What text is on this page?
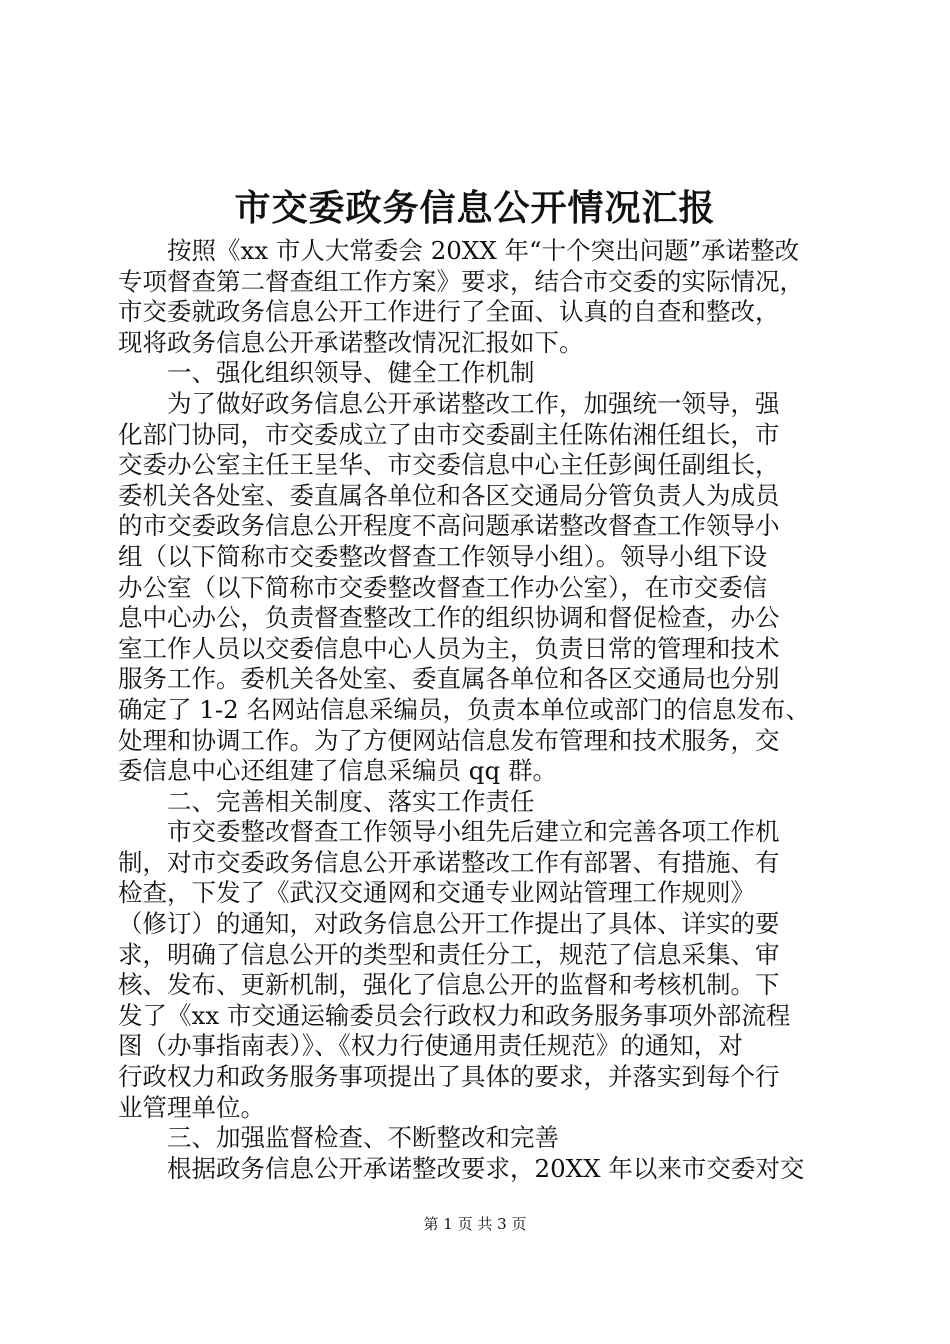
市交委政务信息公开情况汇报
　　按照《xx 市人大常委会 20XX 年“十个突出问题”承诺整改
专项督查第二督查组工作方案》要求，结合市交委的实际情况，
市交委就政务信息公开工作进行了全面、认真的自查和整改，
现将政务信息公开承诺整改情况汇报如下。
　　一、强化组织领导、健全工作机制
　　为了做好政务信息公开承诺整改工作，加强统一领导，强
化部门协同，市交委成立了由市交委副主任陈佑湘任组长，市
交委办公室主任王呈华、市交委信息中心主任彭闽任副组长，
委机关各处室、委直属各单位和各区交通局分管负责人为成员
的市交委政务信息公开程度不高问题承诺整改督查工作领导小
组（以下简称市交委整改督查工作领导小组）。领导小组下设
办公室（以下简称市交委整改督查工作办公室），在市交委信
息中心办公，负责督查整改工作的组织协调和督促检查，办公
室工作人员以交委信息中心人员为主，负责日常的管理和技术
服务工作。委机关各处室、委直属各单位和各区交通局也分别
确定了 1-2 名网站信息采编员，负责本单位或部门的信息发布、
处理和协调工作。为了方便网站信息发布管理和技术服务，交
委信息中心还组建了信息采编员 qq 群。
　　二、完善相关制度、落实工作责任
　　市交委整改督查工作领导小组先后建立和完善各项工作机
制，对市交委政务信息公开承诺整改工作有部署、有措施、有
检查，下发了《武汉交通网和交通专业网站管理工作规则》
（修订）的通知，对政务信息公开工作提出了具体、详实的要
求，明确了信息公开的类型和责任分工，规范了信息采集、审
核、发布、更新机制，强化了信息公开的监督和考核机制。下
发了《xx 市交通运输委员会行政权力和政务服务事项外部流程
图（办事指南表）》、《权力行使通用责任规范》的通知，对
行政权力和政务服务事项提出了具体的要求，并落实到每个行
业管理单位。
　　三、加强监督检查、不断整改和完善
　　根据政务信息公开承诺整改要求，20XX 年以来市交委对交
第 1 页 共 3 页
